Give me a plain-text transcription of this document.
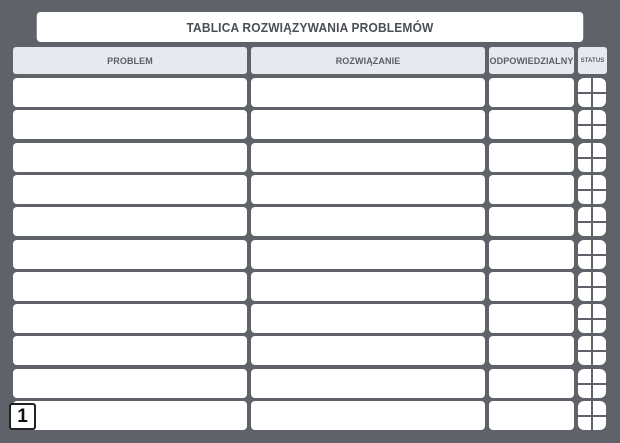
TABLICA ROZWIĄZYWANIA PROBLEMÓW
PROBLEM	ROZWIĄZANIE	ODPOWIEDZIALNY	STATUS
1
